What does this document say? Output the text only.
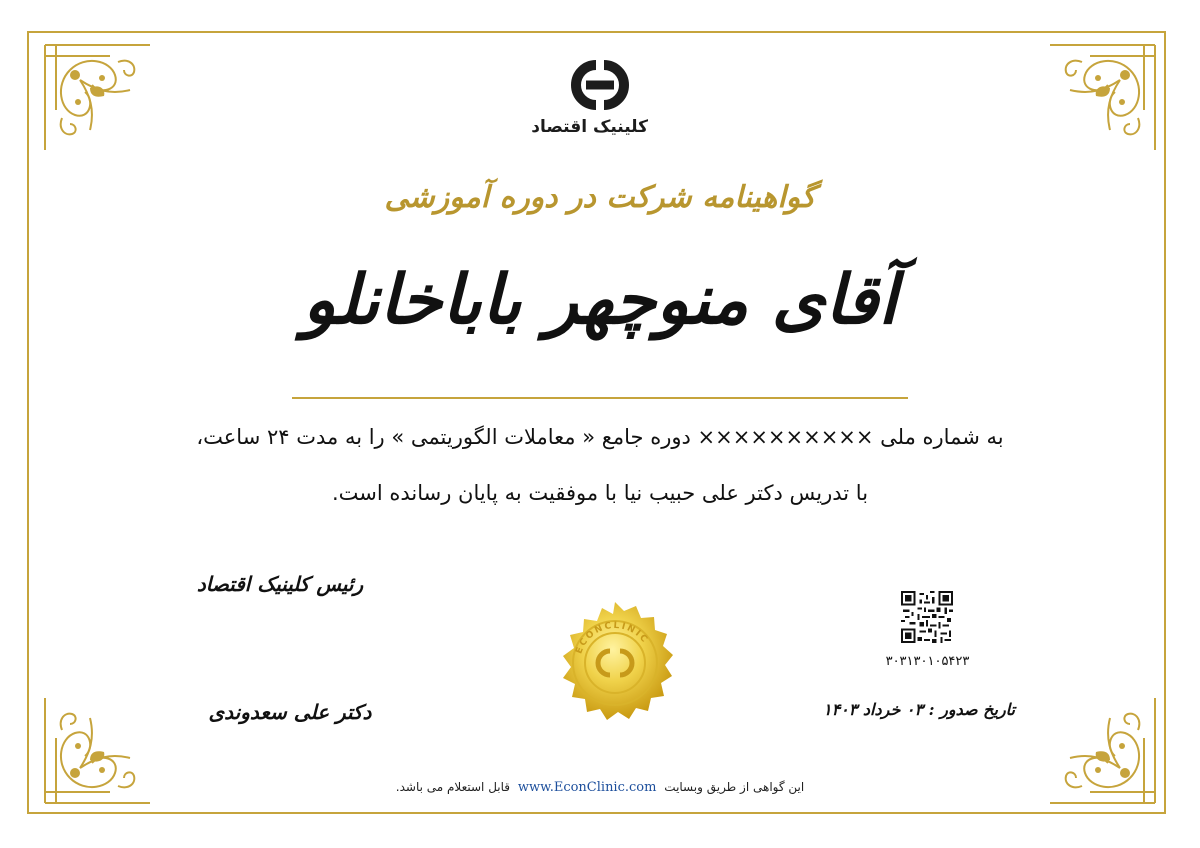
کلینیک اقتصاد
گواهینامه شرکت در دوره آموزشی
آقای منوچهر باباخانلو
به شماره ملی ×××××××××× دوره جامع « معاملات الگوریتمی » را به مدت ۲۴ ساعت،
با تدریس دکتر علی حبیب نیا با موفقیت به پایان رسانده است.
رئیس کلینیک اقتصاد
دکتر علی سعدوندی
ECONCLINIC
۳۰۳۱۳۰۱۰۵۴۲۳
تاریخ صدور : ۰۳ خرداد ۱۴۰۳
این گواهی از طریق وبسایت www.EconClinic.com قابل استعلام می باشد.
